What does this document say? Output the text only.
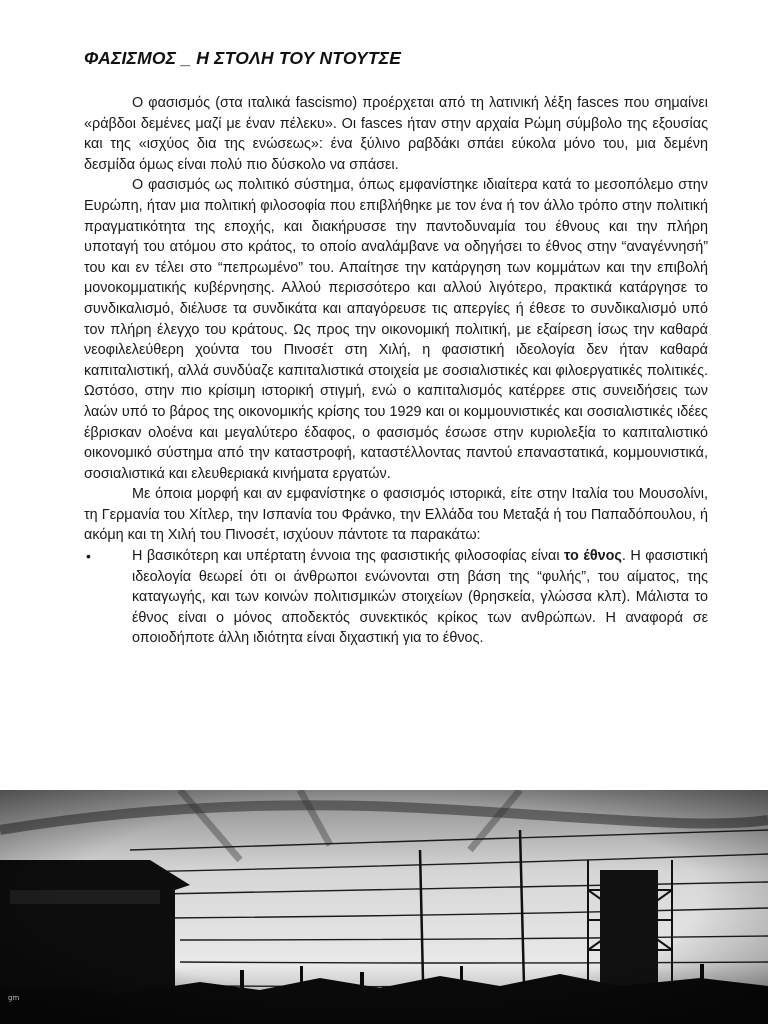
ΦΑΣΙΣΜΟΣ _ Η ΣΤΟΛΗ ΤΟΥ ΝΤΟΥΤΣΕ

Ο φασισμός (στα ιταλικά fascismo) προέρχεται από τη λατινική λέξη fasces που σημαίνει «ράβδοι δεμένες μαζί με έναν πέλεκυ». Οι fasces ήταν στην αρχαία Ρώμη σύμβολο της εξουσίας και της «ισχύος δια της ενώσεως»: ένα ξύλινο ραβδάκι σπάει εύκολα μόνο του, μια δεμένη δεσμίδα όμως είναι πολύ πιο δύσκολο να σπάσει.

Ο φασισμός ως πολιτικό σύστημα, όπως εμφανίστηκε ιδιαίτερα κατά το μεσοπόλεμο στην Ευρώπη, ήταν μια πολιτική φιλοσοφία που επιβλήθηκε με τον ένα ή τον άλλο τρόπο στην πολιτική πραγματικότητα της εποχής, και διακήρυσσε την παντοδυναμία του έθνους και την πλήρη υποταγή του ατόμου στο κράτος, το οποίο αναλάμβανε να οδηγήσει το έθνος στην “αναγέννησή” του και εν τέλει στο “πεπρωμένο” του. Απαίτησε την κατάργηση των κομμάτων και την επιβολή μονοκομματικής κυβέρνησης. Αλλού περισσότερο και αλλού λιγότερο, πρακτικά κατάργησε το συνδικαλισμό, διέλυσε τα συνδικάτα και απαγόρευσε τις απεργίες ή έθεσε το συνδικαλισμό υπό τον πλήρη έλεγχο του κράτους. Ως προς την οικονομική πολιτική, με εξαίρεση ίσως την καθαρά νεοφιλελεύθερη χούντα του Πινοσέτ στη Χιλή, η φασιστική ιδεολογία δεν ήταν καθαρά καπιταλιστική, αλλά συνδύαζε καπιταλιστικά στοιχεία με σοσιαλιστικές και φιλοεργατικές πολιτικές. Ωστόσο, στην πιο κρίσιμη ιστορική στιγμή, ενώ ο καπιταλισμός κατέρρεε στις συνειδήσεις των λαών υπό το βάρος της οικονομικής κρίσης του 1929 και οι κομμουνιστικές και σοσιαλιστικές ιδέες έβρισκαν ολοένα και μεγαλύτερο έδαφος, ο φασισμός έσωσε στην κυριολεξία το καπιταλιστικό οικονομικό σύστημα από την καταστροφή, καταστέλλοντας παντού επαναστατικά, κομμουνιστικά, σοσιαλιστικά και ελευθεριακά κινήματα εργατών.

Με όποια μορφή και αν εμφανίστηκε ο φασισμός ιστορικά, είτε στην Ιταλία του Μουσολίνι, τη Γερμανία του Χίτλερ, την Ισπανία του Φράνκο, την Ελλάδα του Μεταξά ή του Παπαδόπουλου, ή ακόμη και τη Χιλή του Πινοσέτ, ισχύουν πάντοτε τα παρακάτω:

•	Η βασικότερη και υπέρτατη έννοια της φασιστικής φιλοσοφίας είναι το έθνος. Η φασιστική ιδεολογία θεωρεί ότι οι άνθρωποι ενώνονται στη βάση της “φυλής”, του αίματος, της καταγωγής, και των κοινών πολιτισμικών στοιχείων (θρησκεία, γλώσσα κλπ). Μάλιστα το έθνος είναι ο μόνος αποδεκτός συνεκτικός κρίκος των ανθρώπων. Η αναφορά σε οποιοδήποτε άλλη ιδιότητα είναι διχαστική για το έθνος.
gm
